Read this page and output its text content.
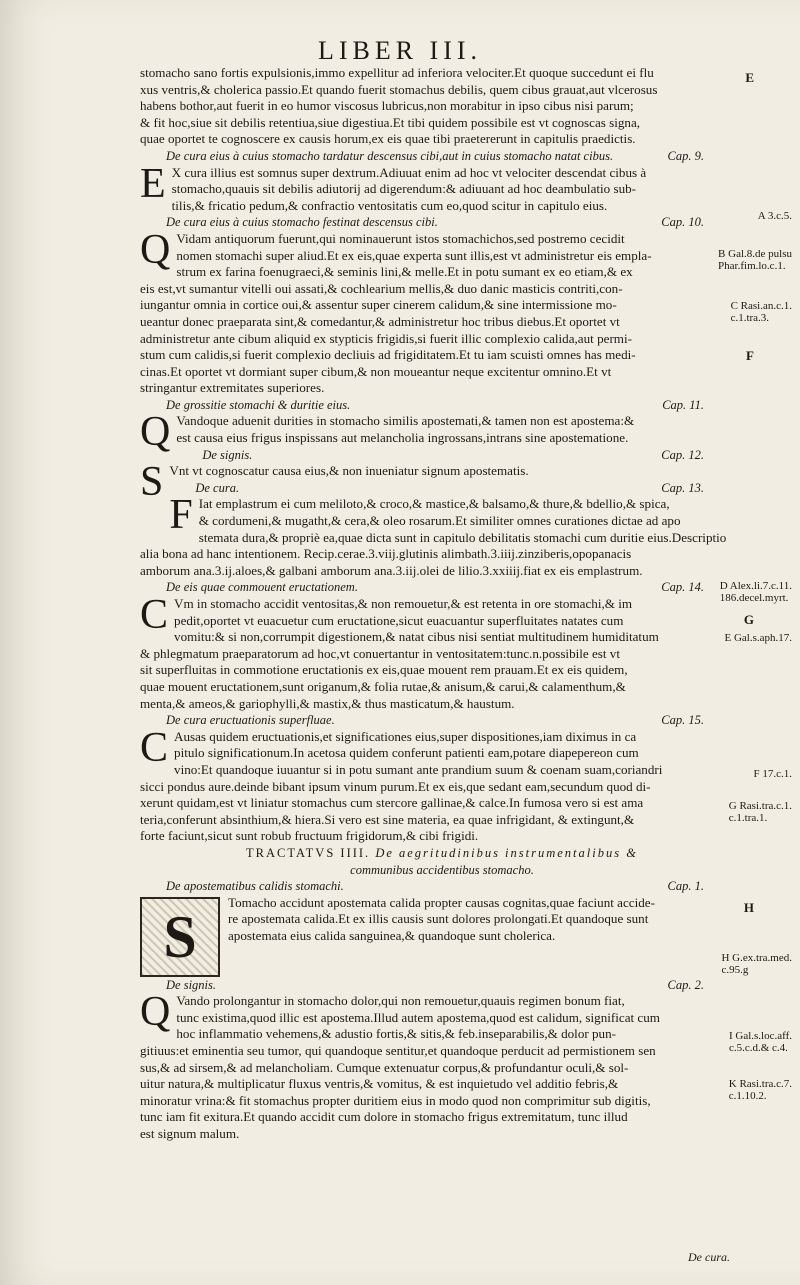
LIBER III.
stomacho sano fortis expulsionis,immo expellitur ad inferiora velociter.Et quoque succedunt ei flu
xus ventris,& cholerica passio.Et quando fuerit stomachus debilis, quem cibus grauat,aut vlcerosus
habens bothor,aut fuerit in eo humor viscosus lubricus,non morabitur in ipso cibus nisi parum;
& fit hoc,siue sit debilis retentiua,siue digestiua.Et tibi quidem possibile est vt cognoscas signa,
quae oportet te cognoscere ex causis horum,ex eis quae tibi praetererunt in capitulis praedictis.
De cura eius à cuius stomacho tardatur descensus cibi,aut in cuius stomacho natat cibus.	Cap. 9.
E X cura illius est somnus super dextrum.Adiuuat enim ad hoc vt velociter descendat cibus à
stomacho,quauis sit debilis adiutorij ad digerendum:& adiuuant ad hoc deambulatio sub-
tilis,& fricatio pedum,& confractio ventositatis cum eo,quod scitur in capitulo eius.
De cura eius à cuius stomacho festinat descensus cibi.	Cap. 10.
Q Vidam antiquorum fuerunt,qui nominauerunt istos stomachichos,sed postremo cecidit
nomen stomachi super aliud.Et ex eis,quae experta sunt illis,est vt administretur eis empla-
strum ex farina foenugraeci,& seminis lini,& melle.Et in potu sumant ex eo etiam,& ex
eis est,vt sumantur vitelli oui assati,& cochlearium mellis,& duo danic masticis contriti,con-
iungantur omnia in cortice oui,& assentur super cinerem calidum,& sine intermissione mo-
ueantur donec praeparata sint,& comedantur,& administretur hoc tribus diebus.Et oportet vt
administretur ante cibum aliquid ex stypticis frigidis,si fuerit illic complexio calida,aut permi-
stum cum calidis,si fuerit complexio decliuis ad frigiditatem.Et tu iam scuisti omnes has medi-
cinas.Et oportet vt dormiant super cibum,& non moueantur neque excitentur omnino.Et vt
stringantur extremitates superiores.
De grossitie stomachi & duritie eius.	Cap. 11.
Q Vandoque aduenit durities in stomacho similis apostemati,& tamen non est apostema:&
est causa eius frigus inspissans aut melancholia ingrossans,intrans sine apostematione.
De signis.	Cap. 12.
S Vnt vt cognoscatur causa eius,& non inueniatur signum apostematis.
De cura.	Cap. 13.
F Iat emplastrum ei cum meliloto,& croco,& mastice,& balsamo,& thure,& bdellio,& spica,
& cordumeni,& mugatht,& cera,& oleo rosarum.Et similiter omnes curationes dictae ad apo
stemata dura,& propriè ea,quae dicta sunt in capitulo debilitatis stomachi cum duritie eius.Descriptio
alia bona ad hanc intentionem. Recip.cerae.3.viij.glutinis alimbath.3.iiij.zinziberis,opopanacis
amborum ana.3.ij.aloes,& galbani amborum ana.3.iij.olei de lilio.3.xxiiij.fiat ex eis emplastrum.
De eis quae commouent eructationem.	Cap. 14.
C Vm in stomacho accidit ventositas,& non remouetur,& est retenta in ore stomachi,& im
pedit,oportet vt euacuetur cum eructatione,sicut euacuantur superfluitates natates cum
vomitu:& si non,corrumpit digestionem,& natat cibus nisi sentiat multitudinem humiditatum
& phlegmatum praeparatorum ad hoc,vt conuertantur in ventositatem:tunc.n.possibile est vt
sit superfluitas in commotione eructationis ex eis,quae mouent rem prauam.Et ex eis quidem,
quae mouent eructationem,sunt origanum,& folia rutae,& anisum,& carui,& calamenthum,&
menta,& ameos,& gariophylli,& mastix,& thus masticatum,& haustum.
De cura eructuationis superfluae.	Cap. 15.
C Ausas quidem eructuationis,et significationes eius,super dispositiones,iam diximus in ca
pitulo significationum.In acetosa quidem conferunt patienti eam,potare diapepereon cum
vino:Et quandoque iuuantur si in potu sumant ante prandium suum & coenam suam,coriandri
sicci pondus aure.deinde bibant ipsum vinum purum.Et ex eis,que sedant eam,secundum quod di-
xerunt quidam,est vt liniatur stomachus cum stercore gallinae,& calce.In fumosa vero si est ama
teria,conferunt absinthium,& hiera.Si vero est sine materia, ea quae infrigidant, & extingunt,&
forte faciunt,sicut sunt robub fructuum frigidorum,& cibi frigidi.
TRACTATVS IIII. De aegritudinibus instrumentalibus &
communibus accidentibus stomacho.
De apostematibus calidis stomachi.	Cap. 1.
S
Tomacho accidunt apostemata calida propter causas cognitas,quae faciunt accide-
re apostemata calida.Et ex illis causis sunt dolores prolongati.Et quandoque sunt
apostemata eius calida sanguinea,& quandoque sunt cholerica.
De signis.	Cap. 2.
Q Vando prolongantur in stomacho dolor,qui non remouetur,quauis regimen bonum fiat,
tunc existima,quod illic est apostema.Illud autem apostema,quod est calidum, significat cum
hoc inflammatio vehemens,& adustio fortis,& sitis,& feb.inseparabilis,& dolor pun-
gitiuus:et eminentia seu tumor, qui quandoque sentitur,et quandoque perducit ad permistionem sen
sus,& ad sirsem,& ad melancholiam. Cumque extenuatur corpus,& profundantur oculi,& sol-
uitur natura,& multiplicatur fluxus ventris,& vomitus, & est inquietudo vel additio febris,&
minoratur vrina:& fit stomachus propter duritiem eius in modo quod non comprimitur sub digitis,
tunc iam fit exitura.Et quando accidit cum dolore in stomacho frigus extremitatum, tunc illud
est signum malum.
A 3.c.5.
B Gal.8.de pulsu
Phar.fim.lo.c.1.
C Rasi.an.c.1.
c.1.tra.3.
D Alex.li.7.c.11.
186.decel.myrt.
E Gal.s.aph.17.
F 17.c.1.
G Rasi.tra.c.1.
c.1.tra.1.
H G.ex.tra.med.
c.95.g
I Gal.s.loc.aff.
c.5.c.d.& c.4.
K Rasi.tra.c.7.
c.1.10.2.
E
F
G
H
De cura.
